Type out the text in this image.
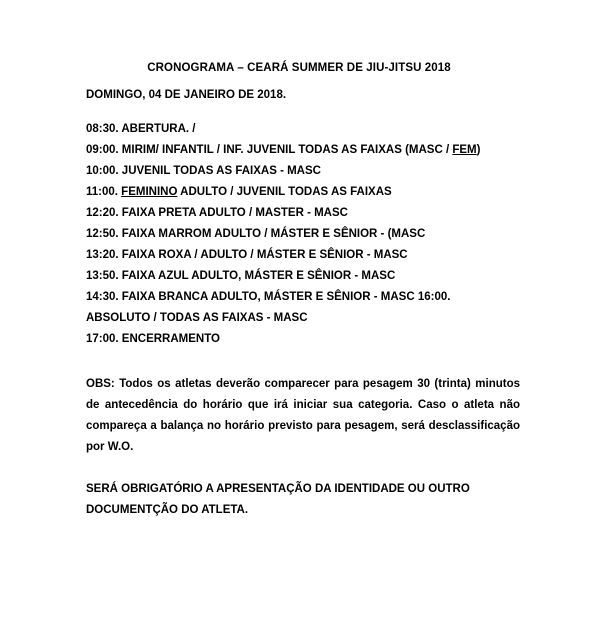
CRONOGRAMA – CEARÁ SUMMER DE JIU-JITSU 2018
DOMINGO, 04 DE JANEIRO DE 2018.
08:30. ABERTURA. /
09:00. MIRIM/ INFANTIL / INF. JUVENIL TODAS AS FAIXAS (MASC / FEM)
10:00. JUVENIL TODAS AS FAIXAS - MASC
11:00. FEMININO ADULTO / JUVENIL TODAS AS FAIXAS
12:20. FAIXA PRETA ADULTO / MASTER - MASC
12:50. FAIXA MARROM ADULTO / MÁSTER E SÊNIOR - (MASC
13:20. FAIXA ROXA / ADULTO / MÁSTER E SÊNIOR - MASC
13:50. FAIXA AZUL ADULTO, MÁSTER E SÊNIOR - MASC
14:30. FAIXA BRANCA ADULTO, MÁSTER E SÊNIOR - MASC 16:00.
ABSOLUTO / TODAS AS FAIXAS - MASC
17:00. ENCERRAMENTO
OBS: Todos os atletas deverão comparecer para pesagem 30 (trinta) minutos de antecedência do horário que irá iniciar sua categoria. Caso o atleta não compareça a balança no horário previsto para pesagem, será desclassificação por W.O.
SERÁ OBRIGATÓRIO A APRESENTAÇÃO DA IDENTIDADE OU OUTRO DOCUMENTÇÃO DO ATLETA.
